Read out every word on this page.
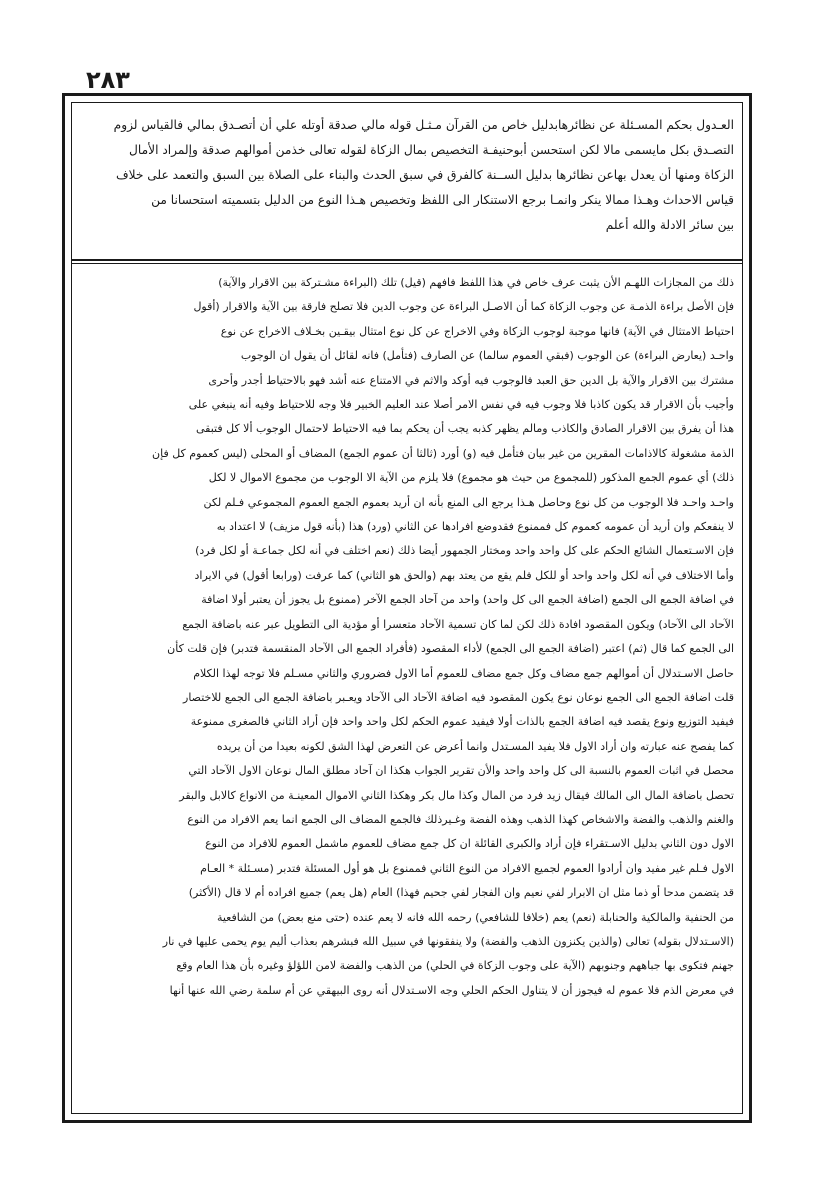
٢٨٣
العـدول بحكم المسـئلة عن نظائرهابدليل خاص من القرآن مـثـل قوله مالي صدقة أوتله علي أن أتصـدق بمالي فالقياس لزوم
التصـدق بكل مايسمى مالا لكن استحسن أبوحنيفـة التخصيص بمال الزكاة لقوله تعالى خذمن أموالهم صدقة وإلمراد الأمال
الزكاة ومنها أن يعدل بهاعن نظائرها بدليل الســنة كالفرق في سبق الحدث والبناء على الصلاة بين السبق والتعمد على خلاف
قياس الاحداث وهـذا ممالا ينكر وانمـا برجع الاستنكار الى اللفظ وتخصيص هـذا النوع من الدليل بتسميته استحسانا من
بين سائر الادلة والله أعلم
ذلك من المجازات اللهـم الأن يثبت عرف خاص في هذا اللفظ فافهم (قيل) تلك (البراءة مشـتركة بين الاقرار والآية)
فإن الأصل براءة الذمـة عن وجوب الزكاة كما أن الاصـل البراءة عن وجوب الدين فلا تصلح فارقة بين الآية والاقرار (أقول
احتياط الامتثال في الآية) فانها موجبة لوجوب الزكاة وفي الاخراج عن كل نوع امتثال بيقـين بخـلاف الاخراج عن نوع
واحـد (يعارض البراءة) عن الوجوب (فبقي العموم سالما) عن الصارف (فتأمل) فانه لقائل أن يقول ان الوجوب
مشترك بين الاقرار والآية بل الدين حق العبد فالوجوب فيه أوكد والاثم في الامتناع عنه أشد فهو بالاحتياط أجدر وأحرى
وأجيب بأن الاقرار قد يكون كاذبا فلا وجوب فيه في نفس الامر أصلا عند العليم الخبير فلا وجه للاحتياط وفيه أنه ينبغي على
هذا أن يفرق بين الاقرار الصادق والكاذب ومالم يظهر كذبه يجب أن يحكم بما فيه الاحتياط لاحتمال الوجوب ألا كل فتبقى
الذمة مشغولة كالاذامات المقرين من غير بيان فتأمل فيه (و) أورد (ثالثا أن عموم الجمع) المضاف أو المحلى (ليس كعموم كل فإن
ذلك) أي عموم الجمع المذكور (للمجموع من حيث هو مجموع) فلا يلزم من الآية الا الوجوب من مجموع الاموال لا لكل
واحـد واحـد فلا الوجوب من كل نوع وحاصل هـذا يرجع الى المنع بأنه ان أريد بعموم الجمع العموم المجموعي فـلم لكن
لا ينفعكم وان أريد أن عمومه كعموم كل فممنوع فقدوضع افرادها عن الثاني (ورد) هذا (بأنه قول مزيف) لا اعتداد به
فإن الاسـتعمال الشائع الحكم على كل واحد واحد ومختار الجمهور أيضا ذلك (نعم اختلف في أنه لكل جماعـة أو لكل فرد)
وأما الاختلاف في أنه لكل واحد واحد أو للكل فلم يقع من يعتد بهم (والحق هو الثاني) كما عرفت (ورابعا أقول) في الايراد
في اضافة الجمع الى الجمع (اضافة الجمع الى كل واحد) واحد من آحاد الجمع الآخر (ممنوع بل يجوز أن يعتبر أولا اضافة
الآحاد الى الآحاد) ويكون المقصود افادة ذلك لكن لما كان تسمية الآحاد متعسرا أو مؤدية الى التطويل عبر عنه باضافة الجمع
الى الجمع كما قال (ثم) اعتبر (اضافة الجمع الى الجمع) لأداء المقصود (فأفراد الجمع الى الآحاد المنقسمة فتدبر) فإن قلت كأن
حاصل الاسـتدلال أن أموالهم جمع مضاف وكل جمع مضاف للعموم أما الاول فضروري والثاني مسـلم فلا توجه لهذا الكلام
قلت اضافة الجمع الى الجمع نوعان نوع يكون المقصود فيه اضافة الآحاد الى الآحاد ويعـبر باضافة الجمع الى الجمع للاختصار
فيفيد التوزيع ونوع يقصد فيه اضافة الجمع بالذات أولا فيفيد عموم الحكم لكل واحد واحد فإن أراد الثاني فالصغرى ممنوعة
كما يفصح عنه عبارته وان أراد الاول فلا يفيد المسـتدل وانما أعرض عن التعرض لهذا الشق لكونه بعيدا من أن يريده
محصل في اثبات العموم بالنسبة الى كل واحد واحد والأن تقرير الجواب هكذا ان آحاد مطلق المال نوعان الاول الآحاد التي
تحصل باضافة المال الى المالك فيقال زيد فرد من المال وكذا مال بكر وهكذا الثاني الاموال المعينـة من الانواع كالابل والبقر
والغنم والذهب والفضة والاشخاص كهذا الذهب وهذه الفضة وغـيرذلك فالجمع المضاف الى الجمع انما يعم الافراد من النوع
الاول دون الثاني بدليل الاسـتقراء فإن أراد والكبرى القائلة ان كل جمع مضاف للعموم ماشمل العموم للافراد من النوع
الاول فـلم غير مفيد وان أرادوا العموم لجميع الافراد من النوع الثاني فممنوع بل هو أول المسئلة فتدبر (مسـئلة * العـام
قد يتضمن مدحا أو ذما مثل ان الابرار لفي نعيم وان الفجار لفي جحيم فهذا) العام (هل يعم) جميع افراده أم لا قال (الأكثر)
من الحنفية والمالكية والحنابلة (نعم) يعم (خلافا للشافعي) رحمه الله فانه لا يعم عنده (حتى منع بعض) من الشافعية
(الاسـتدلال بقوله) تعالى (والذين يكنزون الذهب والفضة) ولا ينفقونها في سبيل الله فبشرهم بعذاب أليم يوم يحمى عليها في نار
جهنم فتكوى بها جباههم وجنوبهم (الآية على وجوب الزكاة في الحلي) من الذهب والفضة لامن اللؤلؤ وغيره بأن هذا العام وقع
في معرض الذم فلا عموم له فيجوز أن لا يتناول الحكم الحلي وجه الاسـتدلال أنه روى البيهقي عن أم سلمة رضي الله عنها أنها
